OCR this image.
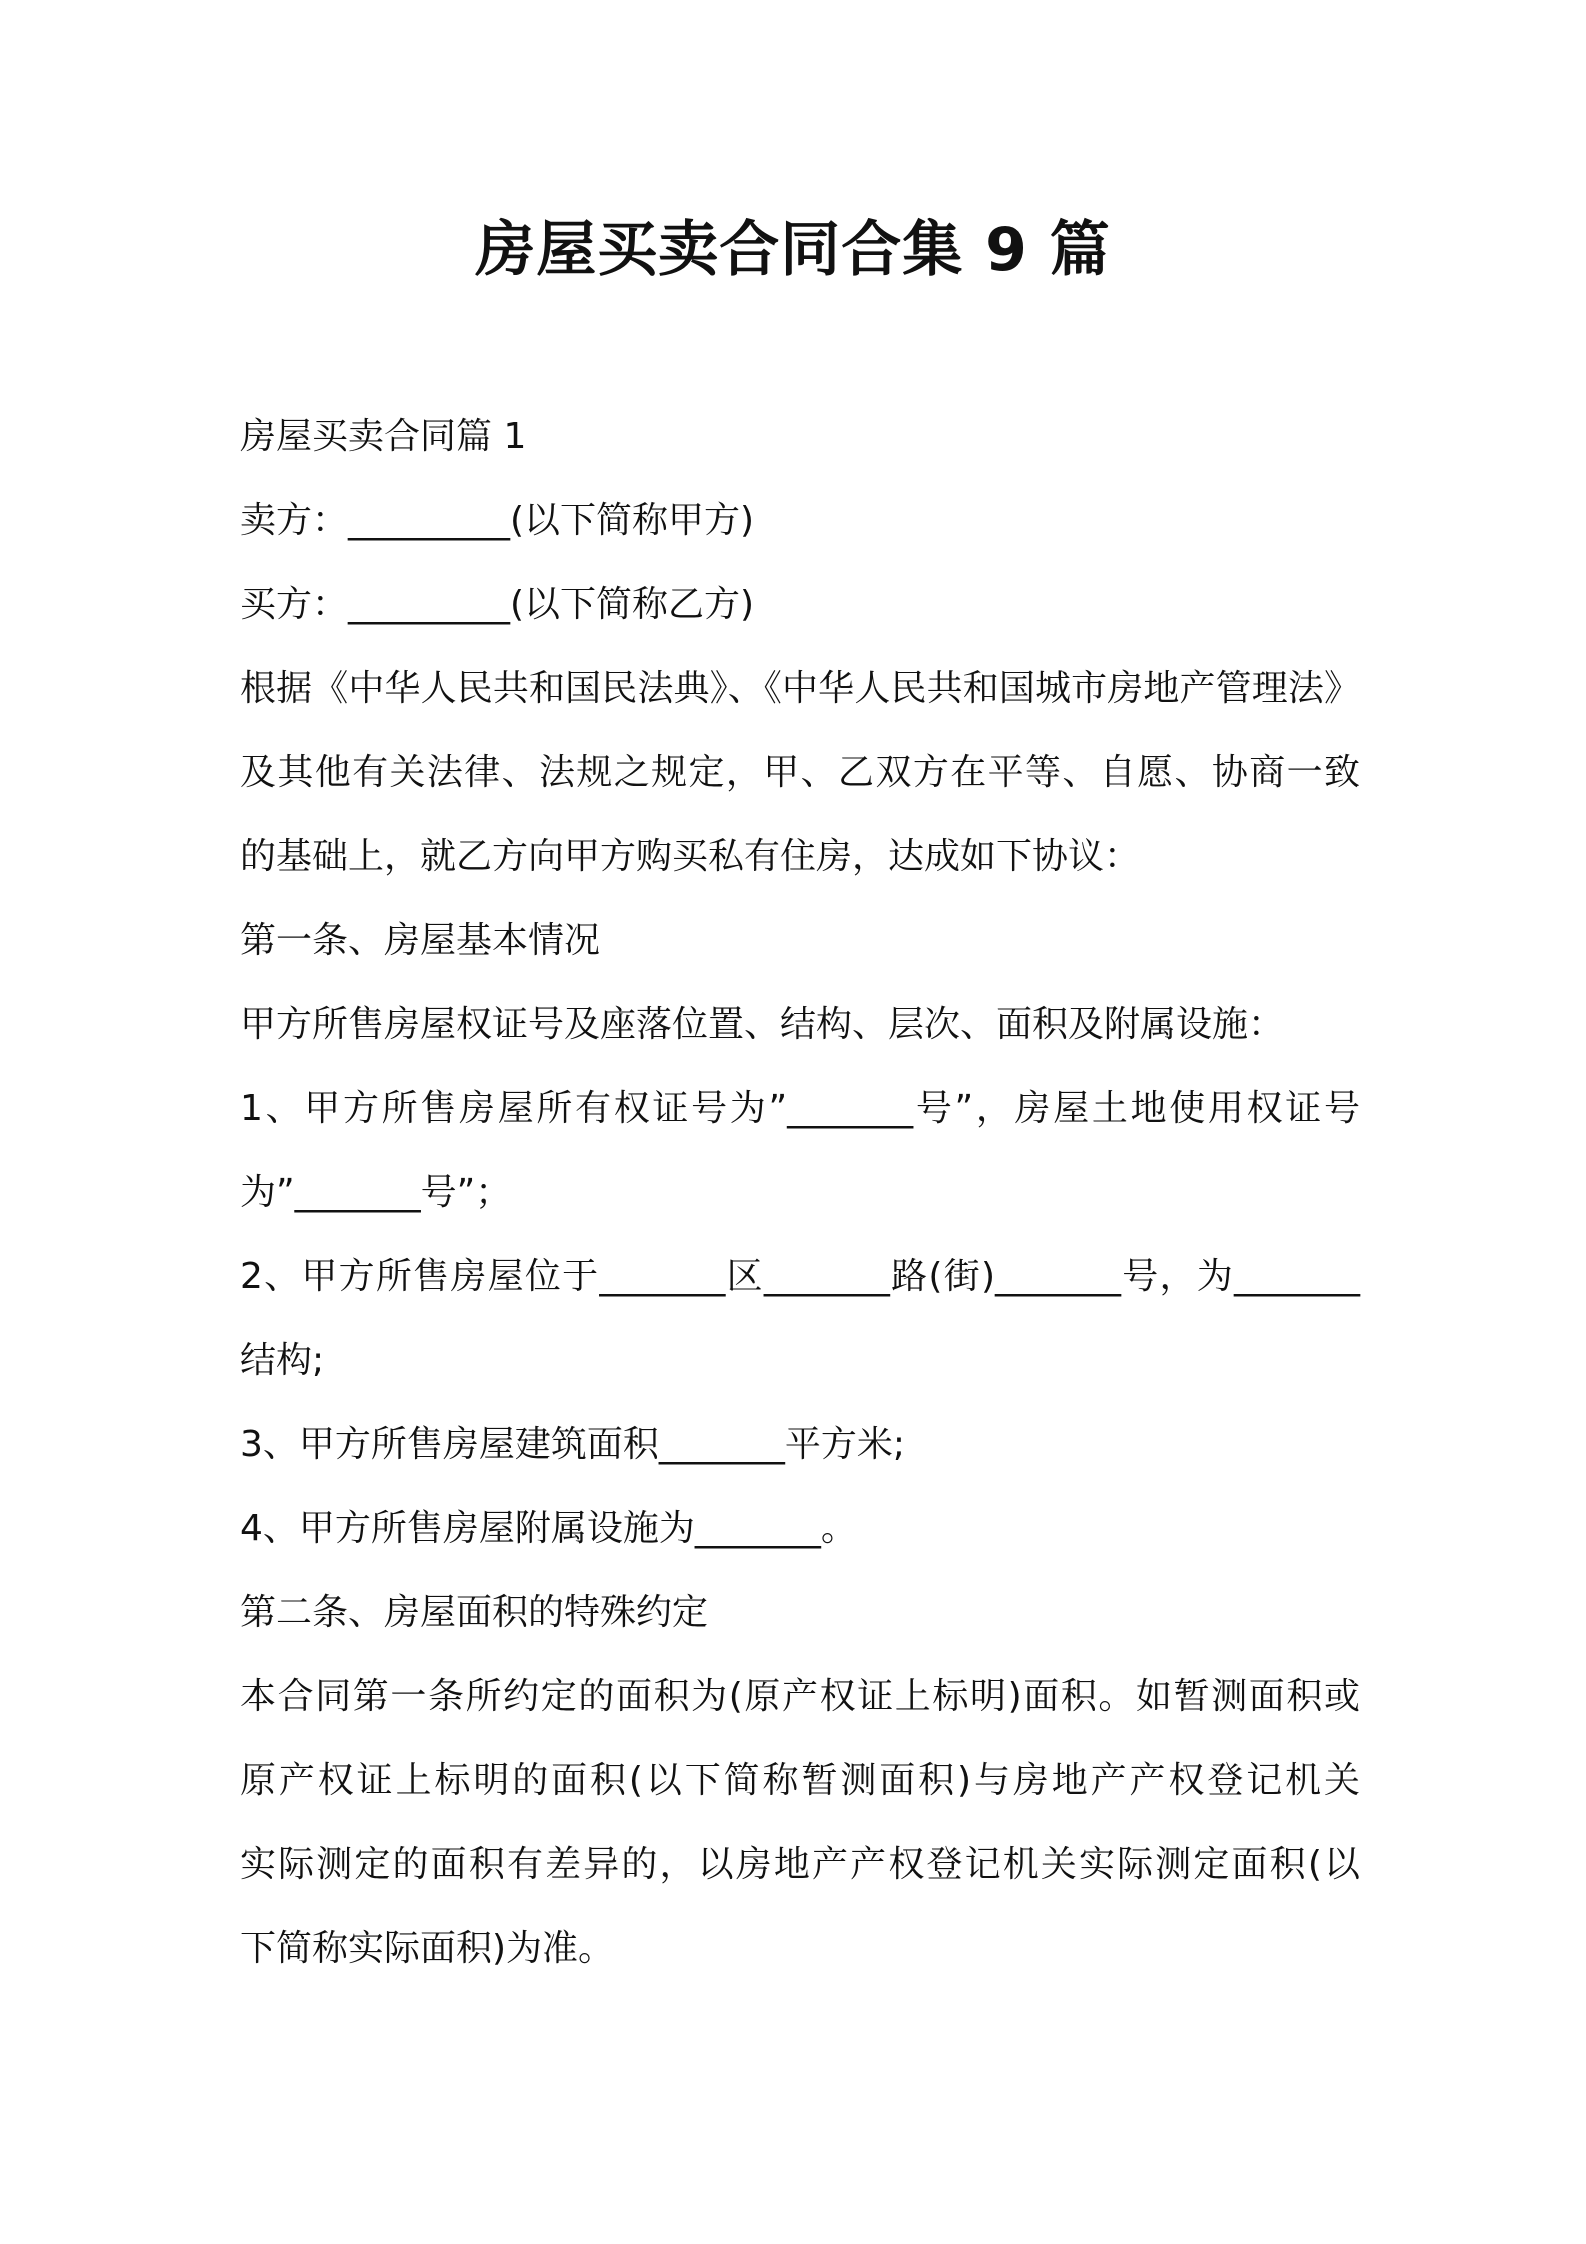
房屋买卖合同合集 9 篇

房屋买卖合同篇 1

卖方：_________(以下简称甲方)

买方：_________(以下简称乙方)

根据《中华人民共和国民法典》、《中华人民共和国城市房地产管理法》

及其他有关法律、法规之规定，甲、乙双方在平等、自愿、协商一致

的基础上，就乙方向甲方购买私有住房，达成如下协议：

第一条、房屋基本情况

甲方所售房屋权证号及座落位置、结构、层次、面积及附属设施：

1、甲方所售房屋所有权证号为”_______号”，房屋土地使用权证号

为”_______号”；

2、甲方所售房屋位于_______区_______路(街)_______号，为_______

结构;

3、甲方所售房屋建筑面积_______平方米;

4、甲方所售房屋附属设施为_______。

第二条、房屋面积的特殊约定

本合同第一条所约定的面积为(原产权证上标明)面积。如暂测面积或

原产权证上标明的面积(以下简称暂测面积)与房地产产权登记机关

实际测定的面积有差异的，以房地产产权登记机关实际测定面积(以

下简称实际面积)为准。
